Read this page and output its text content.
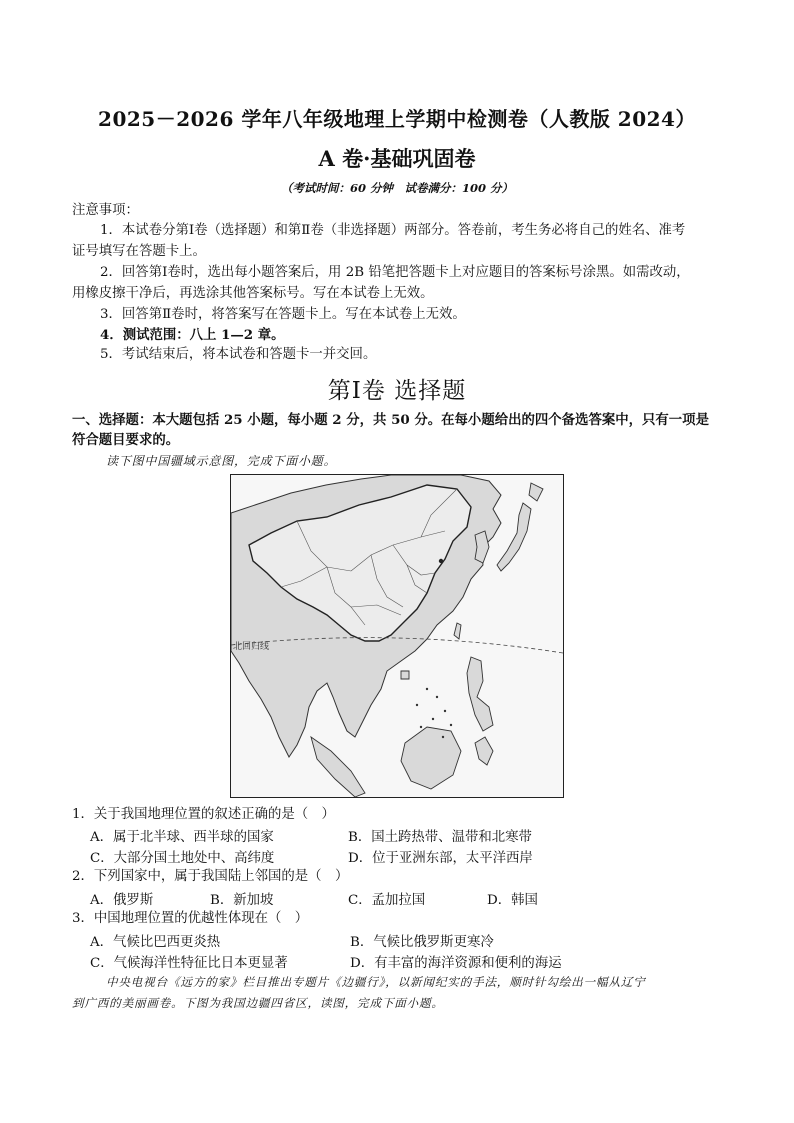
2025－2026 学年八年级地理上学期中检测卷（人教版 2024）
A 卷·基础巩固卷
（考试时间：60 分钟　试卷满分：100 分）
注意事项：
1．本试卷分第Ⅰ卷（选择题）和第Ⅱ卷（非选择题）两部分。答卷前，考生务必将自己的姓名、准考
证号填写在答题卡上。
2．回答第Ⅰ卷时，选出每小题答案后，用 2B 铅笔把答题卡上对应题目的答案标号涂黑。如需改动，
用橡皮擦干净后，再选涂其他答案标号。写在本试卷上无效。
3．回答第Ⅱ卷时，将答案写在答题卡上。写在本试卷上无效。
4．测试范围：八上 1—2 章。
5．考试结束后，将本试卷和答题卡一并交回。
第Ⅰ卷 选择题
一、选择题：本大题包括 25 小题，每小题 2 分，共 50 分。在每小题给出的四个备选答案中，只有一项是
符合题目要求的。
读下图中国疆域示意图，完成下面小题。
北回归线
1．关于我国地理位置的叙述正确的是（　）
A．属于北半球、西半球的国家	B．国土跨热带、温带和北寒带
C．大部分国土地处中、高纬度	D．位于亚洲东部，太平洋西岸
2．下列国家中，属于我国陆上邻国的是（　）
A．俄罗斯	B．新加坡	C．孟加拉国	D．韩国
3．中国地理位置的优越性体现在（　）
A．气候比巴西更炎热	B．气候比俄罗斯更寒冷
C．气候海洋性特征比日本更显著	D．有丰富的海洋资源和便利的海运
中央电视台《远方的家》栏目推出专题片《边疆行》，以新闻纪实的手法，顺时针勾绘出一幅从辽宁
到广西的美丽画卷。下图为我国边疆四省区，读图，完成下面小题。
